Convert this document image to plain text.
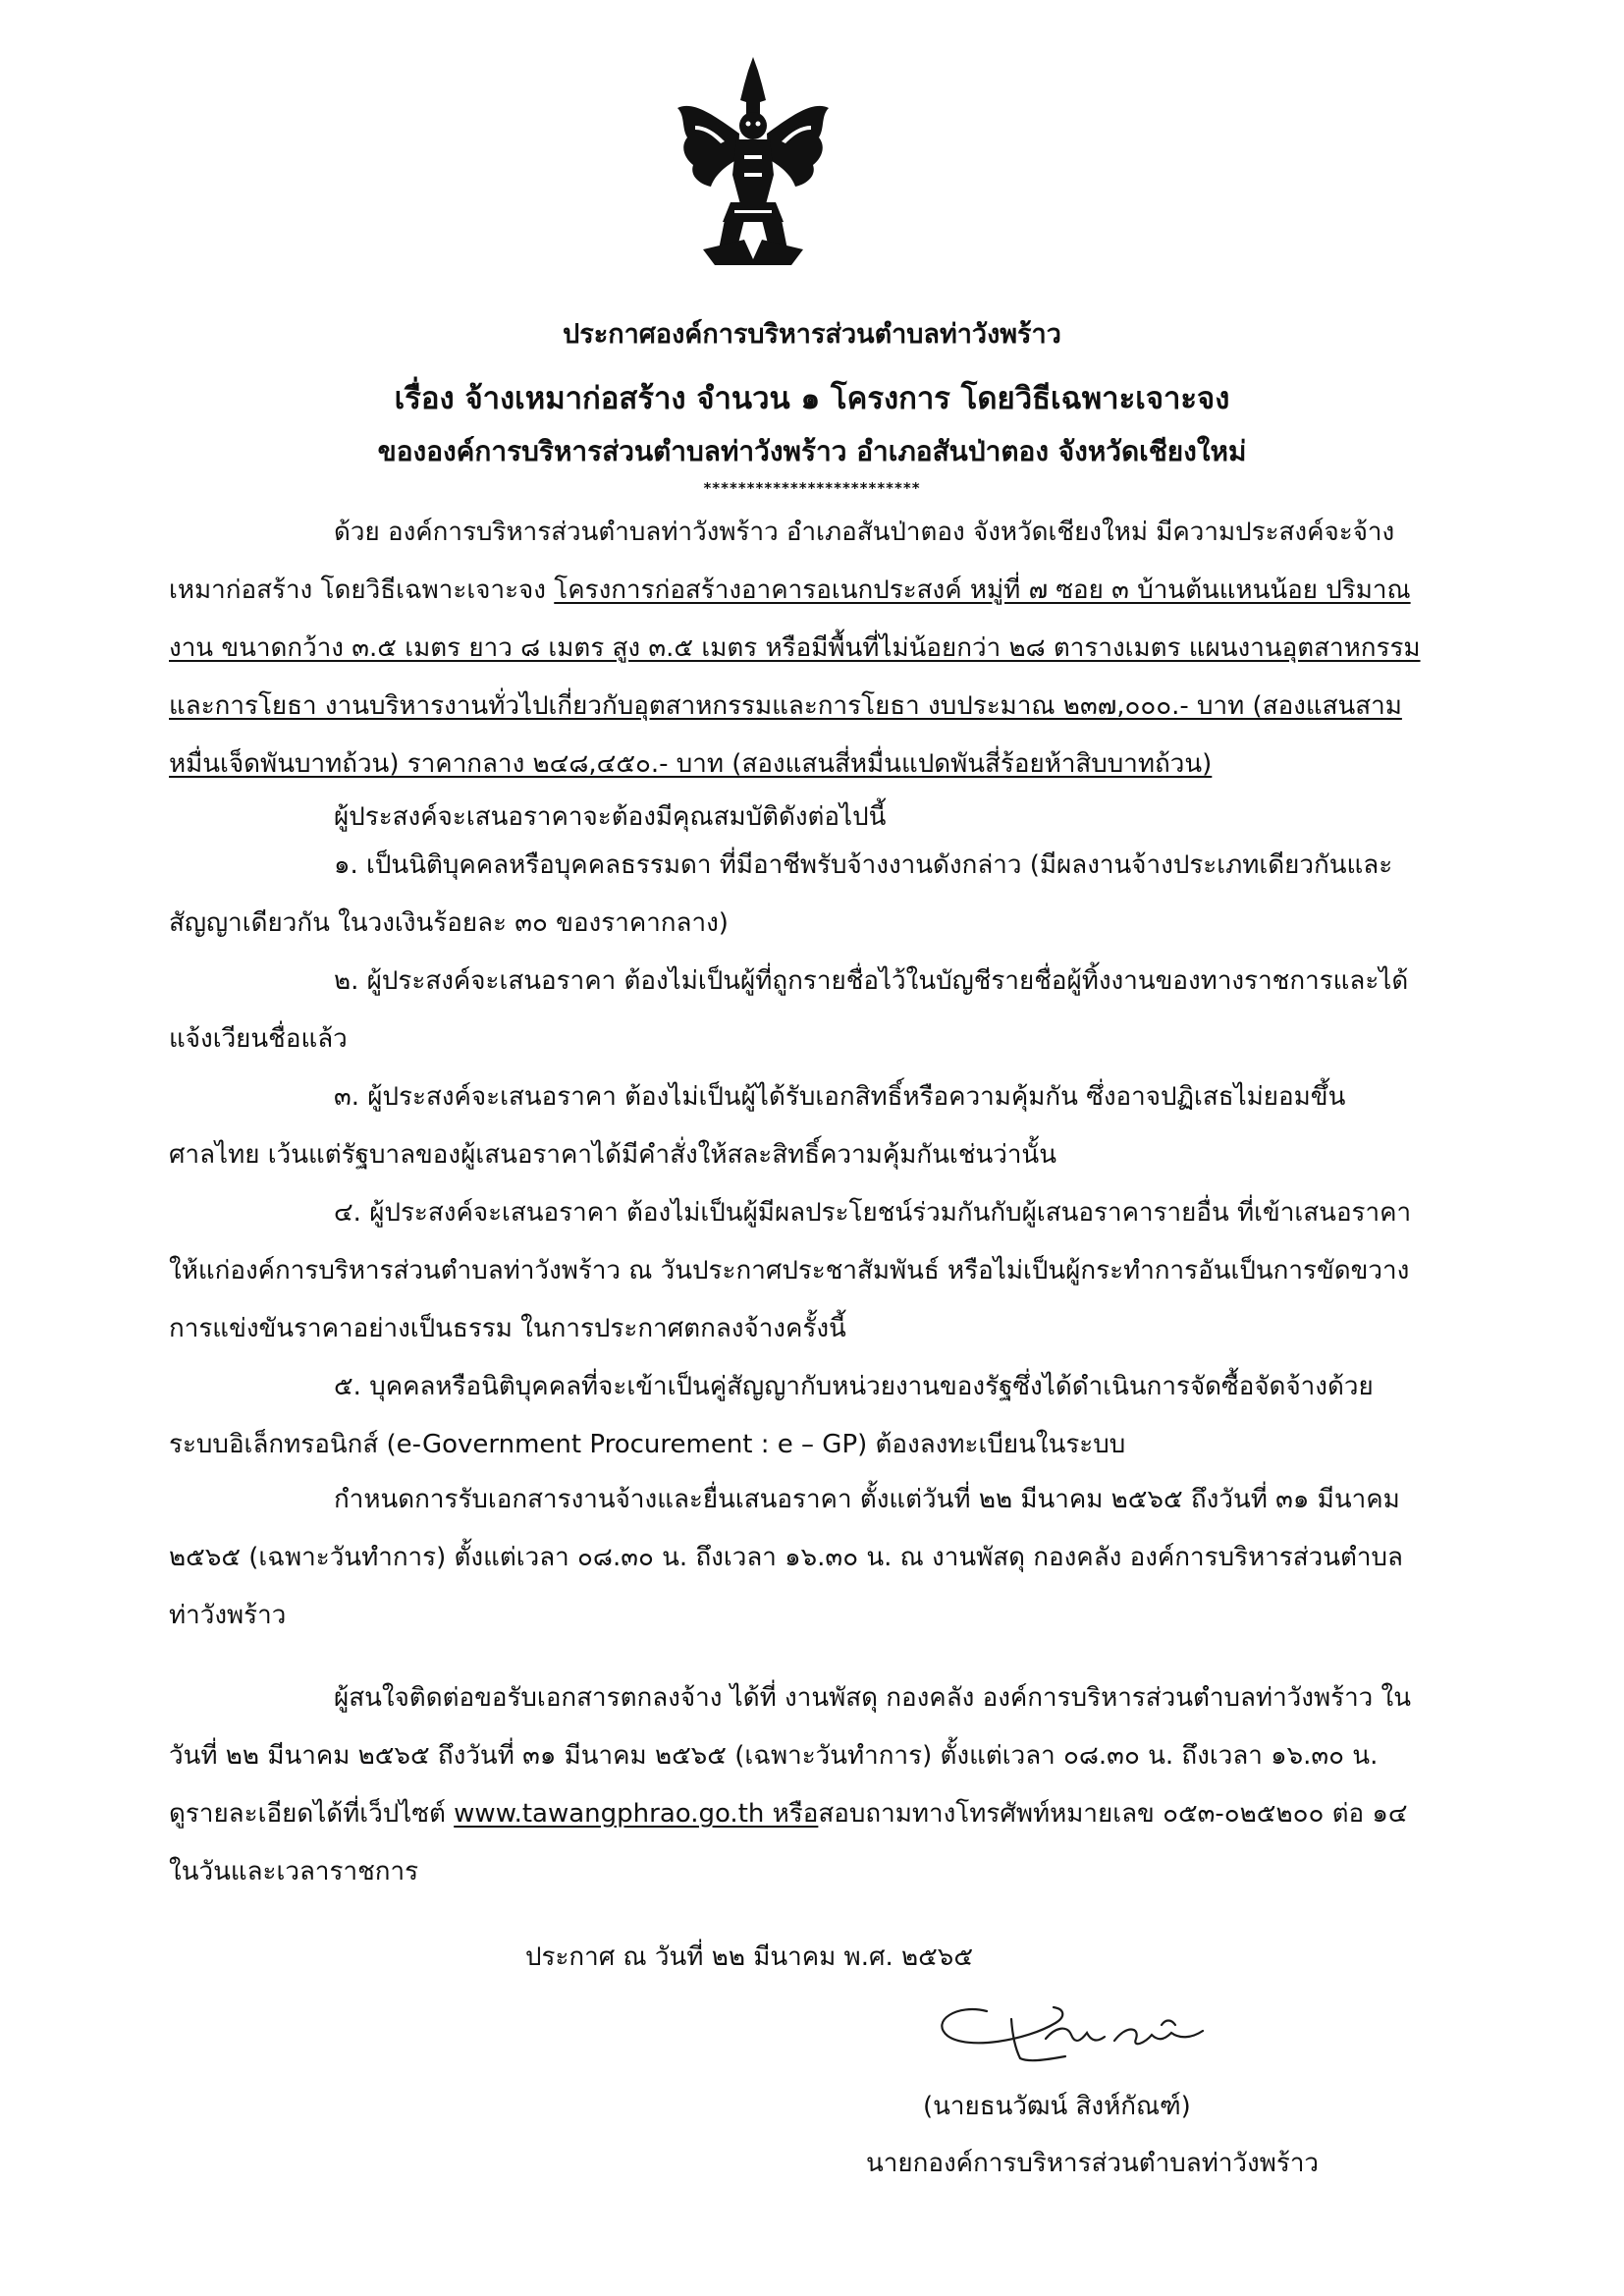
ประกาศองค์การบริหารส่วนตำบลท่าวังพร้าว
เรื่อง จ้างเหมาก่อสร้าง จำนวน ๑ โครงการ โดยวิธีเฉพาะเจาะจง
ขององค์การบริหารส่วนตำบลท่าวังพร้าว อำเภอสันป่าตอง จังหวัดเชียงใหม่
*************************
ด้วย องค์การบริหารส่วนตำบลท่าวังพร้าว อำเภอสันป่าตอง จังหวัดเชียงใหม่ มีความประสงค์จะจ้าง
เหมาก่อสร้าง โดยวิธีเฉพาะเจาะจง โครงการก่อสร้างอาคารอเนกประสงค์ หมู่ที่ ๗ ซอย ๓ บ้านต้นแหนน้อย ปริมาณ
งาน ขนาดกว้าง ๓.๕ เมตร ยาว ๘ เมตร สูง ๓.๕ เมตร หรือมีพื้นที่ไม่น้อยกว่า ๒๘ ตารางเมตร แผนงานอุตสาหกรรม
และการโยธา งานบริหารงานทั่วไปเกี่ยวกับอุตสาหกรรมและการโยธา งบประมาณ ๒๓๗,๐๐๐.- บาท (สองแสนสาม
หมื่นเจ็ดพันบาทถ้วน) ราคากลาง ๒๔๘,๔๕๐.- บาท (สองแสนสี่หมื่นแปดพันสี่ร้อยห้าสิบบาทถ้วน)
ผู้ประสงค์จะเสนอราคาจะต้องมีคุณสมบัติดังต่อไปนี้
๑. เป็นนิติบุคคลหรือบุคคลธรรมดา ที่มีอาชีพรับจ้างงานดังกล่าว (มีผลงานจ้างประเภทเดียวกันและ
สัญญาเดียวกัน ในวงเงินร้อยละ ๓๐ ของราคากลาง)
๒. ผู้ประสงค์จะเสนอราคา ต้องไม่เป็นผู้ที่ถูกรายชื่อไว้ในบัญชีรายชื่อผู้ทิ้งงานของทางราชการและได้
แจ้งเวียนชื่อแล้ว
๓. ผู้ประสงค์จะเสนอราคา ต้องไม่เป็นผู้ได้รับเอกสิทธิ์หรือความคุ้มกัน ซึ่งอาจปฏิเสธไม่ยอมขึ้น
ศาลไทย เว้นแต่รัฐบาลของผู้เสนอราคาได้มีคำสั่งให้สละสิทธิ์ความคุ้มกันเช่นว่านั้น
๔. ผู้ประสงค์จะเสนอราคา ต้องไม่เป็นผู้มีผลประโยชน์ร่วมกันกับผู้เสนอราคารายอื่น ที่เข้าเสนอราคา
ให้แก่องค์การบริหารส่วนตำบลท่าวังพร้าว ณ วันประกาศประชาสัมพันธ์ หรือไม่เป็นผู้กระทำการอันเป็นการขัดขวาง
การแข่งขันราคาอย่างเป็นธรรม ในการประกาศตกลงจ้างครั้งนี้
๕. บุคคลหรือนิติบุคคลที่จะเข้าเป็นคู่สัญญากับหน่วยงานของรัฐซึ่งได้ดำเนินการจัดซื้อจัดจ้างด้วย
ระบบอิเล็กทรอนิกส์ (e-Government Procurement : e – GP) ต้องลงทะเบียนในระบบ
กำหนดการรับเอกสารงานจ้างและยื่นเสนอราคา ตั้งแต่วันที่ ๒๒ มีนาคม ๒๕๖๕ ถึงวันที่ ๓๑ มีนาคม
๒๕๖๕ (เฉพาะวันทำการ) ตั้งแต่เวลา ๐๘.๓๐ น. ถึงเวลา ๑๖.๓๐ น. ณ งานพัสดุ กองคลัง องค์การบริหารส่วนตำบล
ท่าวังพร้าว
ผู้สนใจติดต่อขอรับเอกสารตกลงจ้าง ได้ที่ งานพัสดุ กองคลัง องค์การบริหารส่วนตำบลท่าวังพร้าว ใน
วันที่ ๒๒ มีนาคม ๒๕๖๕ ถึงวันที่ ๓๑ มีนาคม ๒๕๖๕ (เฉพาะวันทำการ) ตั้งแต่เวลา ๐๘.๓๐ น. ถึงเวลา ๑๖.๓๐ น.
ดูรายละเอียดได้ที่เว็ปไซต์ www.tawangphrao.go.th หรือสอบถามทางโทรศัพท์หมายเลข ๐๕๓-๐๒๕๒๐๐ ต่อ ๑๔
ในวันและเวลาราชการ
ประกาศ ณ วันที่ ๒๒ มีนาคม พ.ศ. ๒๕๖๕
(นายธนวัฒน์ สิงห์กัณฑ์)
นายกองค์การบริหารส่วนตำบลท่าวังพร้าว
